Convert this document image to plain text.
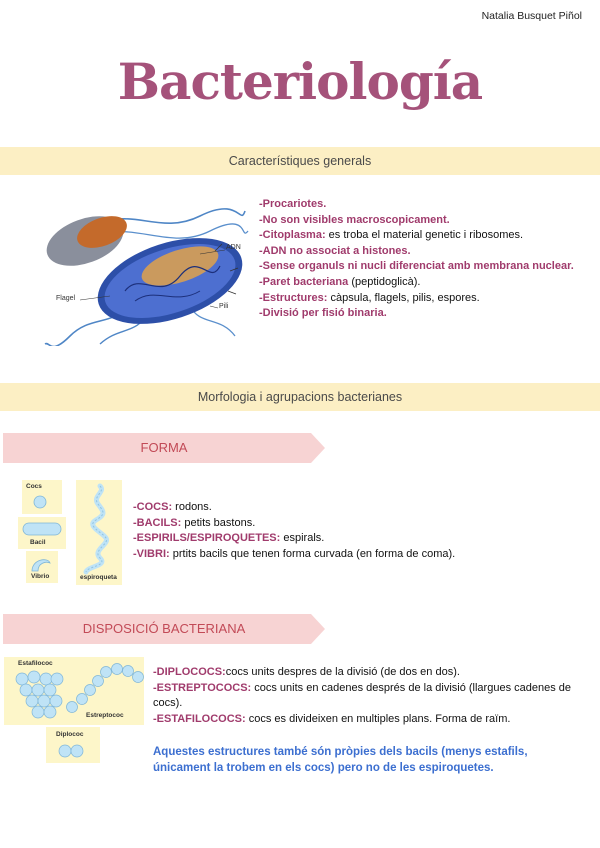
Natalia Busquet Piñol
Bacteriología
Característiques generals
ADN
Flagel
Pili
-Procariotes.
-No son visibles macroscopicament.
-Citoplasma: es troba el material genetic i ribosomes.
-ADN no associat a histones.
-Sense organuls ni nucli diferenciat amb membrana nuclear.
-Paret bacteriana (peptidoglicà).
-Estructures: càpsula, flagels, pilis, espores.
-Divisió per fisió binaria.
Morfologia i agrupacions bacterianes
FORMA
Cocs
Bacil
Vibrio	espiroqueta
-COCS: rodons.
-BACILS: petits bastons.
-ESPIRILS/ESPIROQUETES: espirals.
-VIBRI: prtits bacils que tenen forma curvada (en forma de coma).
DISPOSICIÓ BACTERIANA
Estafilococ
Estreptococ
Diplococ
-DIPLOCOCS:cocs units despres de la divisió (de dos en dos).
-ESTREPTOCOCS: cocs units en cadenes després de la divisió (llargues cadenes de cocs).
-ESTAFILOCOCS: cocs es divideixen en multiples plans. Forma de raïm.
Aquestes estructures també són pròpies dels bacils (menys estafils, únicament la trobem en els cocs) pero no de les espiroquetes.
